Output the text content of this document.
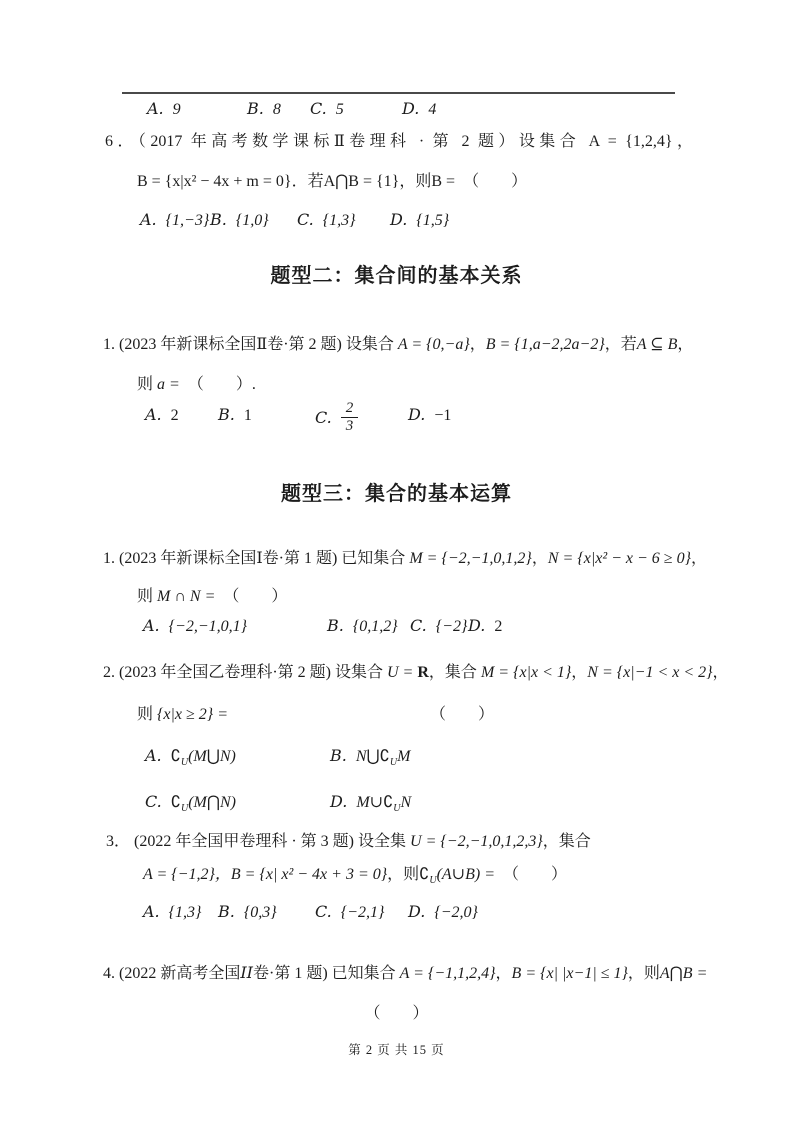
A. 9	B. 8 C. 5	D. 4
6．（2017 年高考数学课标Ⅱ卷理科 · 第 2 题）设集合 A = {1,2,4}，
B = {x|x² − 4x + m = 0}．若A⋂B = {1}，则B =　 （　　）
A. {1,−3} B. {1,0} C. {1,3} D. {1,5}
题型二：集合间的基本关系
1. (2023 年新课标全国Ⅱ卷·第 2 题) 设集合 A = {0,−a}，B = {1,a−2,2a−2}，若A ⊆ B，
则 a =　 （　　）.
A. 2 B. 1	C. $\frac{2}{3}$	D. −1
题型三：集合的基本运算
1. (2023 年新课标全国Ⅰ卷·第 1 题) 已知集合 M = {−2,−1,0,1,2}，N = {x|x² − x − 6 ≥ 0}，
则 M ∩ N =　 （　　）
A. {−2,−1,0,1}	B. {0,1,2} C. {−2} D. 2
2. (2023 年全国乙卷理科·第 2 题) 设集合 U = R，集合 M = {x|x < 1}，N = {x|−1 < x < 2}，
则 {x|x ≥ 2} =	（　　）
A. $∁_U(M⋃N)$	B. $N⋃∁_UM$
C. $∁_U(M⋂N)$	D. $M\cup∁_UN$
3． (2022 年全国甲卷理科 · 第 3 题) 设全集 U = {−2,−1,0,1,2,3}，集合
A = {−1,2}，B = {x| x² − 4x + 3 = 0}，则$∁_U(A\cup B)$ =　 （　　）
A. {1,3} B. {0,3} C. {−2,1} D. {−2,0}
4. (2022 新高考全国II卷·第 1 题) 已知集合 A = {−1,1,2,4}，B = {x| |x−1| ≤ 1}，则A⋂B =
（　　）
第 2 页 共 15 页
